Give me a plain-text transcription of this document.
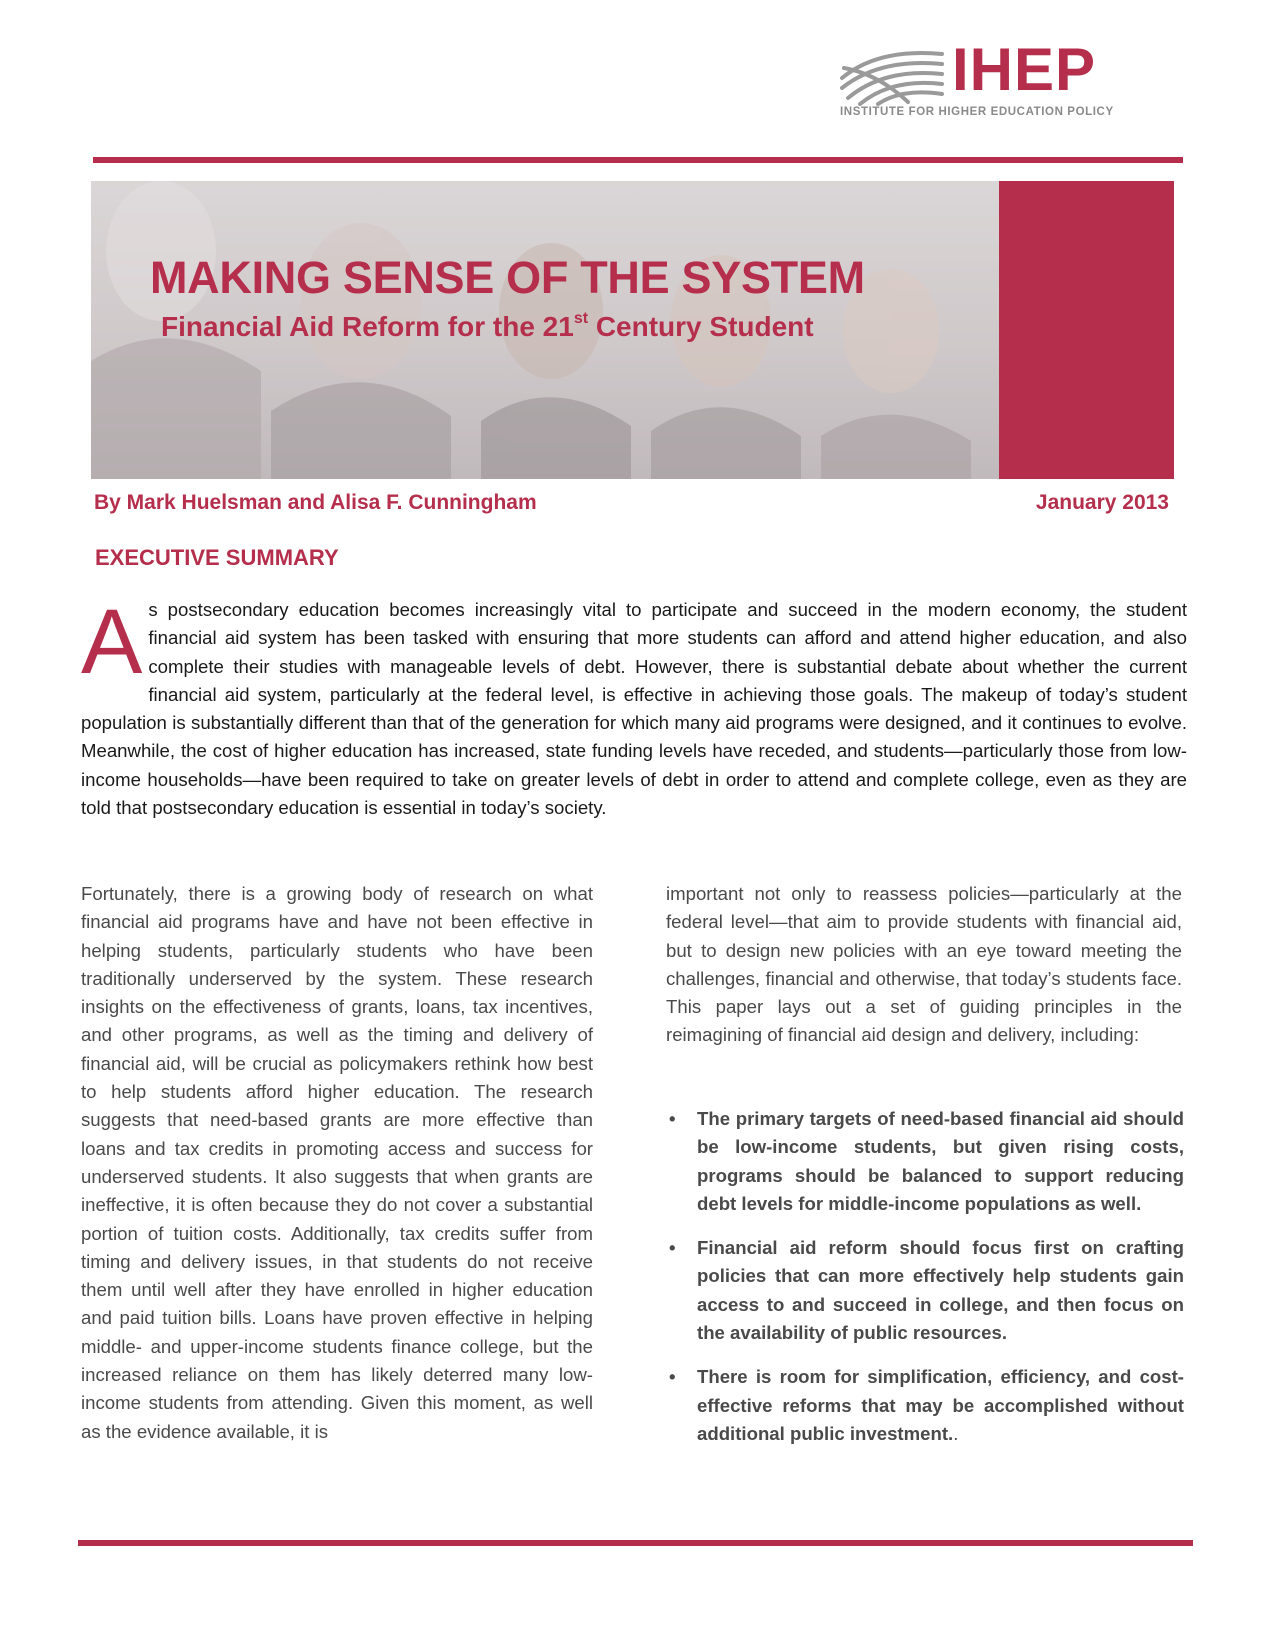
IHEP
INSTITUTE FOR HIGHER EDUCATION POLICY
MAKING SENSE OF THE SYSTEM
Financial Aid Reform for the 21st Century Student
By Mark Huelsman and Alisa F. Cunningham	January 2013
EXECUTIVE SUMMARY
As postsecondary education becomes increasingly vital to participate and succeed in the modern economy, the student financial aid system has been tasked with ensuring that more students can afford and attend higher education, and also complete their studies with manageable levels of debt. However, there is substantial debate about whether the current financial aid system, particularly at the federal level, is effective in achieving those goals. The makeup of today’s student population is substantially different than that of the generation for which many aid programs were designed, and it continues to evolve. Meanwhile, the cost of higher education has increased, state funding levels have receded, and students—particularly those from low-income households—have been required to take on greater levels of debt in order to attend and complete college, even as they are told that postsecondary education is essential in today’s society.
Fortunately, there is a growing body of research on what financial aid programs have and have not been effective in helping students, particularly students who have been traditionally underserved by the system. These research insights on the effectiveness of grants, loans, tax incentives, and other programs, as well as the timing and delivery of financial aid, will be crucial as policymakers rethink how best to help students afford higher education. The research suggests that need-based grants are more effective than loans and tax credits in promoting access and success for underserved students. It also suggests that when grants are ineffective, it is often because they do not cover a substantial portion of tuition costs. Additionally, tax credits suffer from timing and delivery issues, in that students do not receive them until well after they have enrolled in higher education and paid tuition bills. Loans have proven effective in helping middle- and upper-income students finance college, but the increased reliance on them has likely deterred many low-income students from attending. Given this moment, as well as the evidence available, it is
important not only to reassess policies—particularly at the federal level—that aim to provide students with financial aid, but to design new policies with an eye toward meeting the challenges, financial and otherwise, that today’s students face. This paper lays out a set of guiding principles in the reimagining of financial aid design and delivery, including:
• The primary targets of need-based financial aid should be low-income students, but given rising costs, programs should be balanced to support reducing debt levels for middle-income populations as well.
• Financial aid reform should focus first on crafting policies that can more effectively help students gain access to and succeed in college, and then focus on the availability of public resources.
• There is room for simplification, efficiency, and cost-effective reforms that may be accomplished without additional public investment..
